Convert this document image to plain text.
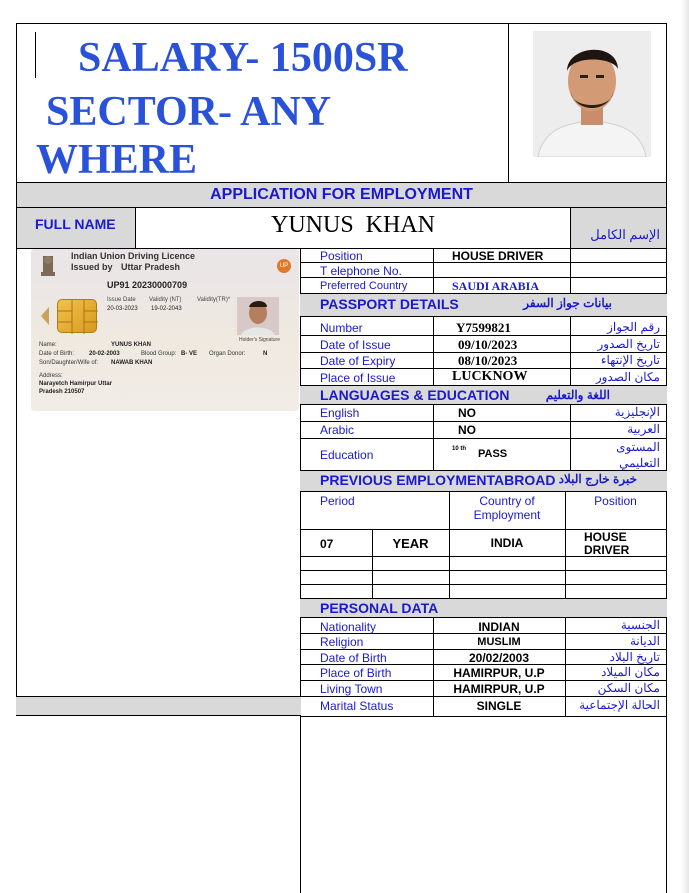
SALARY- 1500SR
SECTOR- ANY
WHERE
APPLICATION FOR EMPLOYMENT
FULL NAME	YUNUS  KHAN	الإسم الكامل
Indian Union Driving Licence
Issued by Uttar Pradesh	UP
UP91 20230000709
Issue Date
20-03-2023
Validity (NT)
19-02-2043
Validity(TR)*
Holder's Signature
Name:	YUNUS KHAN
Date of Birth: 20-02-2003	Blood Group: B- VE Organ Donor:	N
Son/Daughter/Wife of: NAWAB KHAN
Address:
Narayetch Hamirpur Uttar
Pradesh 210507
Position	HOUSE DRIVER
T elephone No.
Preferred Country	SAUDI ARABIA
PASSPORT DETAILS	بيانات جواز السفر
Number	Y7599821	رقم الجواز
Date of Issue	09/10/2023	تاريخ الصدور
Date of Expiry	08/10/2023	تاريخ الإنتهاء
Place of Issue	LUCKNOW	مكان الصدور
LANGUAGES & EDUCATION	اللغة والتعليم
English	NO	الإنجليزية
Arabic	NO	العربية
Education	10 th PASS	المستوى
التعليمي
PREVIOUS EMPLOYMENTABROAD خبرة خارج البلاد
Period	Country of
Employment
Position
07	YEAR	INDIA	HOUSE
DRIVER
PERSONAL DATA
Nationality	INDIAN	الجنسية
Religion	MUSLIM	الديانة
Date of Birth	20/02/2003	تاريخ البلاد
Place of Birth	HAMIRPUR, U.P	مكان الميلاد
Living Town	HAMIRPUR, U.P	مكان السكن
Marital Status	SINGLE	الحالة الإجتماعية
